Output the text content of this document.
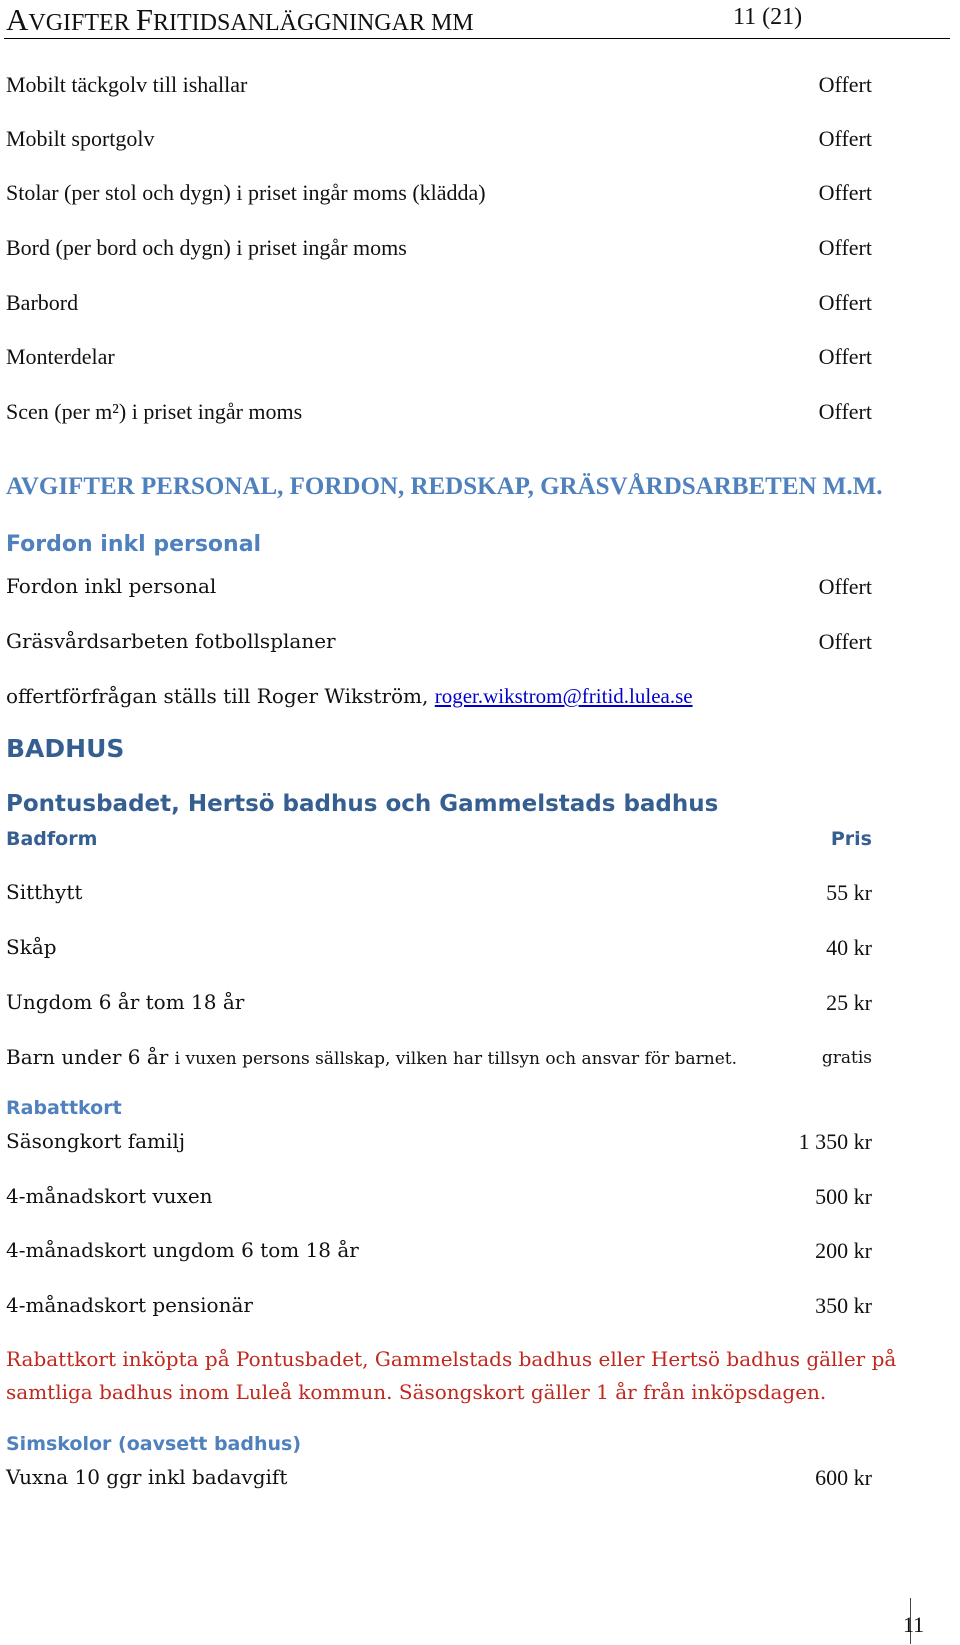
AVGIFTER FRITIDSANLÄGGNINGAR MM	11 (21)
Mobilt täckgolv till ishallar	Offert
Mobilt sportgolv	Offert
Stolar (per stol och dygn) i priset ingår moms (klädda)	Offert
Bord (per bord och dygn) i priset ingår moms	Offert
Barbord	Offert
Monterdelar	Offert
Scen (per m²) i priset ingår moms	Offert
AVGIFTER PERSONAL, FORDON, REDSKAP, GRÄSVÅRDSARBETEN M.M.
Fordon inkl personal
Fordon inkl personal	Offert
Gräsvårdsarbeten fotbollsplaner	Offert
offertförfrågan ställs till Roger Wikström, roger.wikstrom@fritid.lulea.se
BADHUS
Pontusbadet, Hertsö badhus och Gammelstads badhus
Badform	Pris
Sitthytt	55 kr
Skåp	40 kr
Ungdom 6 år tom 18 år	25 kr
Barn under 6 år i vuxen persons sällskap, vilken har tillsyn och ansvar för barnet.	gratis
Rabattkort
Säsongkort familj	1 350 kr
4-månadskort vuxen	500 kr
4-månadskort ungdom 6 tom 18 år	200 kr
4-månadskort pensionär	350 kr
Rabattkort inköpta på Pontusbadet, Gammelstads badhus eller Hertsö badhus gäller på
samtliga badhus inom Luleå kommun. Säsongskort gäller 1 år från inköpsdagen.
Simskolor (oavsett badhus)
Vuxna 10 ggr inkl badavgift	600 kr
11
